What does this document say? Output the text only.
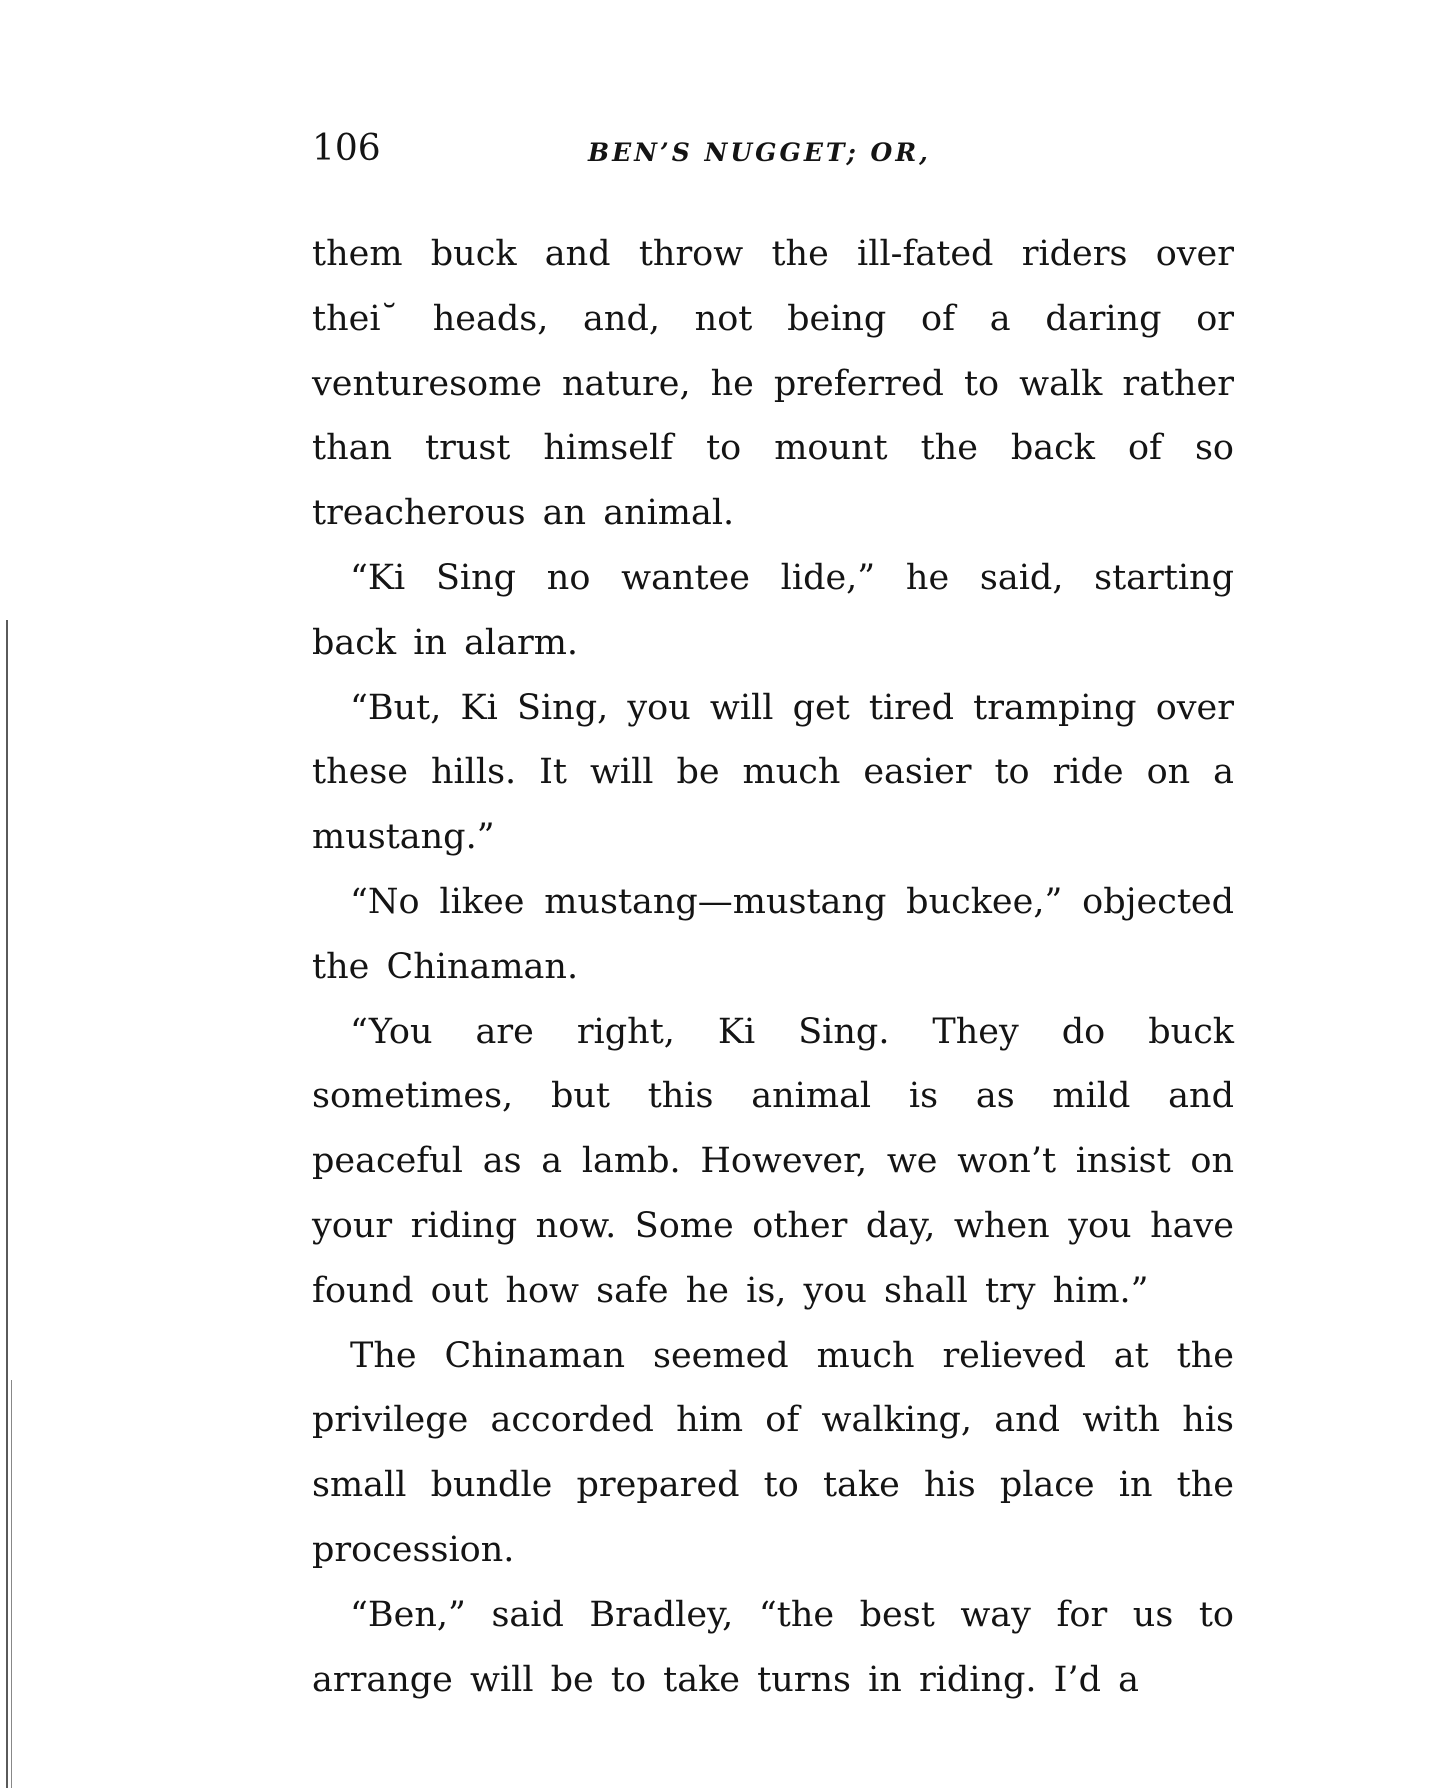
106	BEN’S NUGGET; OR,

them buck and throw the ill-fated riders over thei˘ heads, and, not being of a daring or venturesome nature, he preferred to walk rather than trust himself to mount the back of so treacherous an animal.

“Ki Sing no wantee lide,” he said, starting back in alarm.

“But, Ki Sing, you will get tired tramping over these hills. It will be much easier to ride on a mustang.”

“No likee mustang—mustang buckee,” objected the Chinaman.

“You are right, Ki Sing. They do buck sometimes, but this animal is as mild and peaceful as a lamb. However, we won’t insist on your riding now. Some other day, when you have found out how safe he is, you shall try him.”

The Chinaman seemed much relieved at the privilege accorded him of walking, and with his small bundle prepared to take his place in the procession.

“Ben,” said Bradley, “the best way for us to arrange will be to take turns in riding. I’d a
